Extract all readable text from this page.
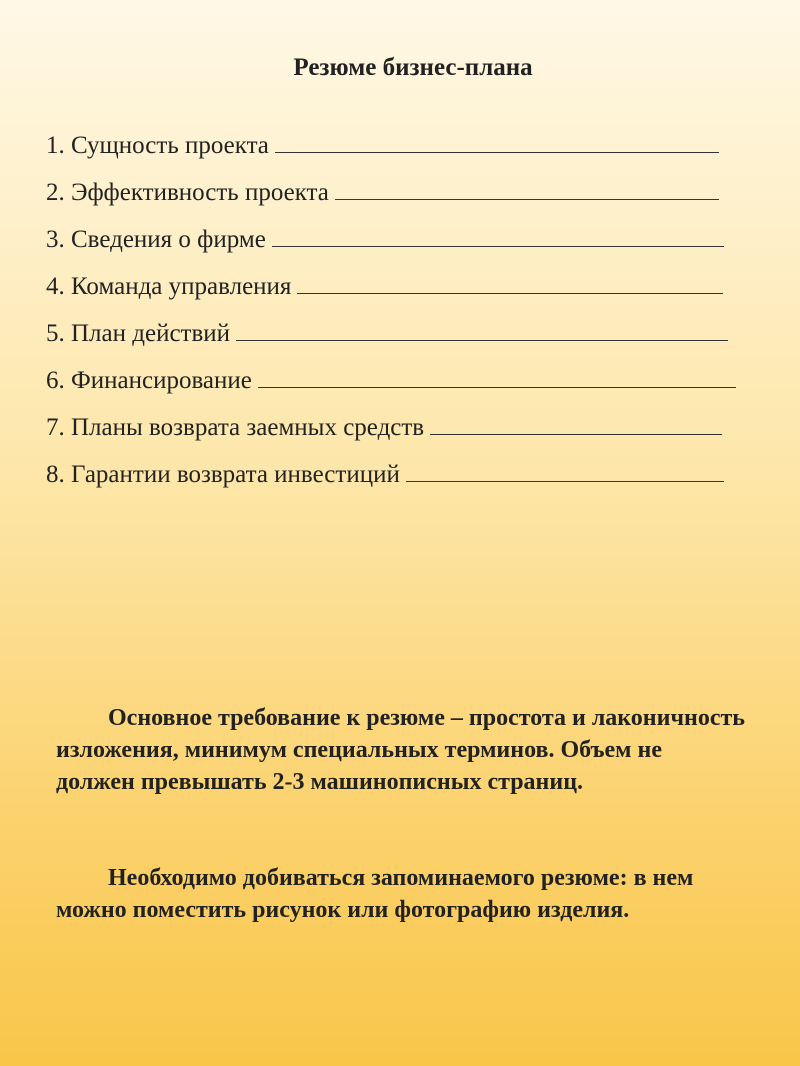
Резюме бизнес-плана
1. Сущность проекта
2. Эффективность проекта
3. Сведения о фирме
4. Команда управления
5. План действий
6. Финансирование
7. Планы возврата заемных средств
8. Гарантии возврата инвестиций

Основное требование к резюме – простота и лаконичность изложения, минимум специальных терминов. Объем не должен превышать 2-3 машинописных страниц.

Необходимо добиваться запоминаемого резюме: в нем можно поместить рисунок или фотографию изделия.
